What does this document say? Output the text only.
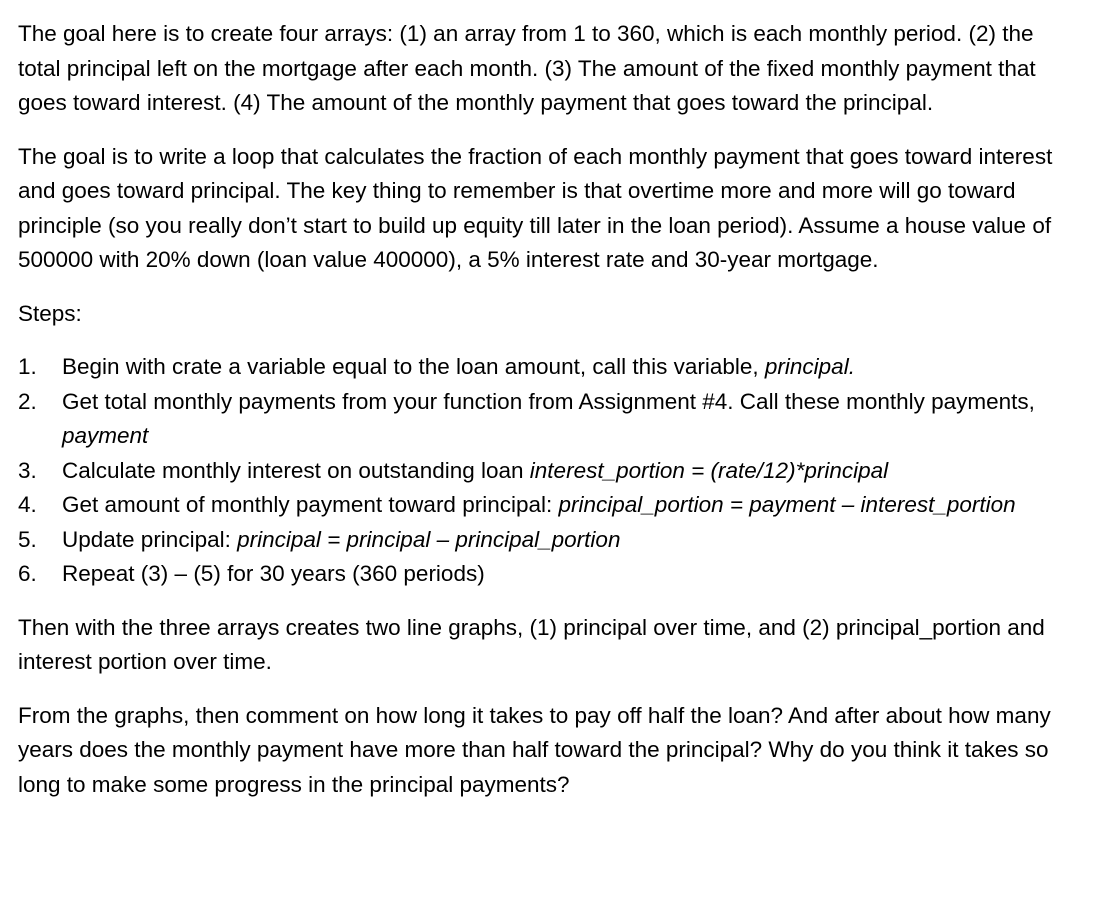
The goal here is to create four arrays: (1) an array from 1 to 360, which is each monthly period. (2) the total principal left on the mortgage after each month. (3) The amount of the fixed monthly payment that goes toward interest. (4) The amount of the monthly payment that goes toward the principal.

The goal is to write a loop that calculates the fraction of each monthly payment that goes toward interest and goes toward principal. The key thing to remember is that overtime more and more will go toward principle (so you really don’t start to build up equity till later in the loan period). Assume a house value of 500000 with 20% down (loan value 400000), a 5% interest rate and 30-year mortgage.

Steps:

1. Begin with crate a variable equal to the loan amount, call this variable, principal.
2. Get total monthly payments from your function from Assignment #4. Call these monthly payments, payment
3. Calculate monthly interest on outstanding loan interest_portion = (rate/12)*principal
4. Get amount of monthly payment toward principal: principal_portion = payment – interest_portion
5. Update principal: principal = principal – principal_portion
6. Repeat (3) – (5) for 30 years (360 periods)

Then with the three arrays creates two line graphs, (1) principal over time, and (2) principal_portion and interest portion over time.

From the graphs, then comment on how long it takes to pay off half the loan? And after about how many years does the monthly payment have more than half toward the principal? Why do you think it takes so long to make some progress in the principal payments?
